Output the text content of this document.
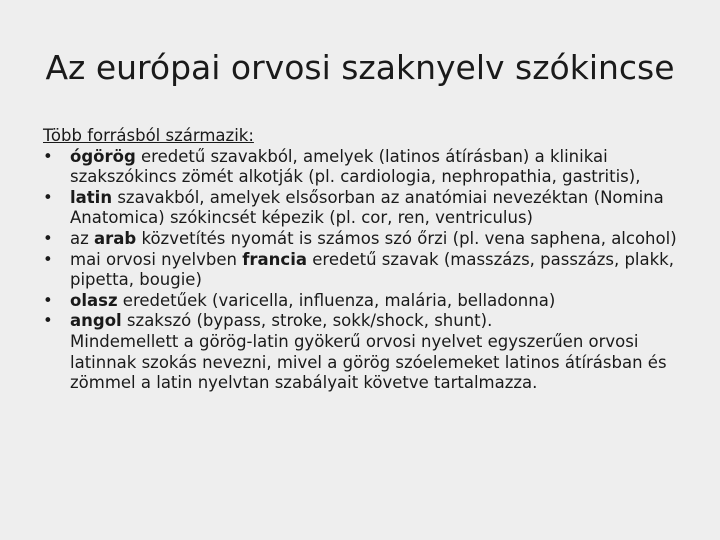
Az európai orvosi szaknyelv szókincse

Több forrásból származik:

• ógörög eredetű szavakból, amelyek (latinos átírásban) a klinikai szakszókincs zömét alkotják (pl. cardiologia, nephropathia, gastritis),
• latin szavakból, amelyek elsősorban az anatómiai nevezéktan (Nomina Anatomica) szókincsét képezik (pl. cor, ren, ventriculus)
• az arab közvetítés nyomát is számos szó őrzi (pl. vena saphena, alcohol)
• mai orvosi nyelvben francia eredetű szavak (masszázs, passzázs, plakk, pipetta, bougie)
• olasz eredetűek (varicella, influenza, malária, belladonna)
• angol szakszó (bypass, stroke, sokk/shock, shunt).

Mindemellett a görög-latin gyökerű orvosi nyelvet egyszerűen orvosi latinnak szokás nevezni, mivel a görög szóelemeket latinos átírásban és zömmel a latin nyelvtan szabályait követve tartalmazza.
